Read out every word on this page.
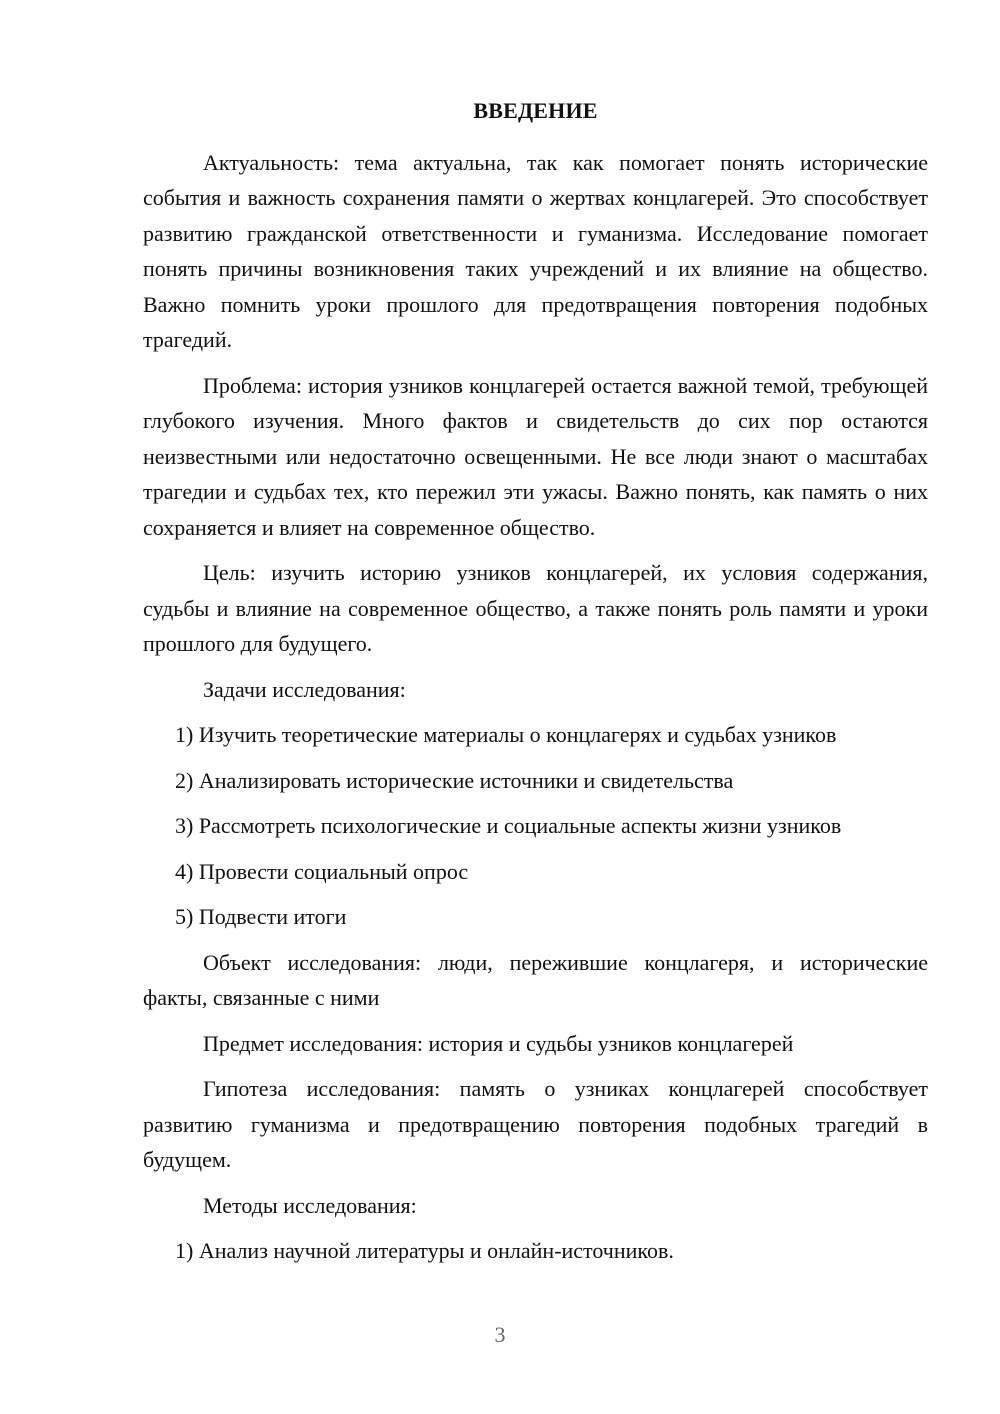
ВВЕДЕНИЕ

Актуальность: тема актуальна, так как помогает понять исторические события и важность сохранения памяти о жертвах концлагерей. Это способствует развитию гражданской ответственности и гуманизма. Исследование помогает понять причины возникновения таких учреждений и их влияние на общество. Важно помнить уроки прошлого для предотвращения повторения подобных трагедий.

Проблема: история узников концлагерей остается важной темой, требующей глубокого изучения. Много фактов и свидетельств до сих пор остаются неизвестными или недостаточно освещенными. Не все люди знают о масштабах трагедии и судьбах тех, кто пережил эти ужасы. Важно понять, как память о них сохраняется и влияет на современное общество.

Цель: изучить историю узников концлагерей, их условия содержания, судьбы и влияние на современное общество, а также понять роль памяти и уроки прошлого для будущего.

Задачи исследования:

1) Изучить теоретические материалы о концлагерях и судьбах узников

2) Анализировать исторические источники и свидетельства

3) Рассмотреть психологические и социальные аспекты жизни узников

4) Провести социальный опрос

5) Подвести итоги

Объект исследования: люди, пережившие концлагеря, и исторические факты, связанные с ними

Предмет исследования: история и судьбы узников концлагерей

Гипотеза исследования: память о узниках концлагерей способствует развитию гуманизма и предотвращению повторения подобных трагедий в будущем.

Методы исследования:

1) Анализ научной литературы и онлайн-источников.

3
